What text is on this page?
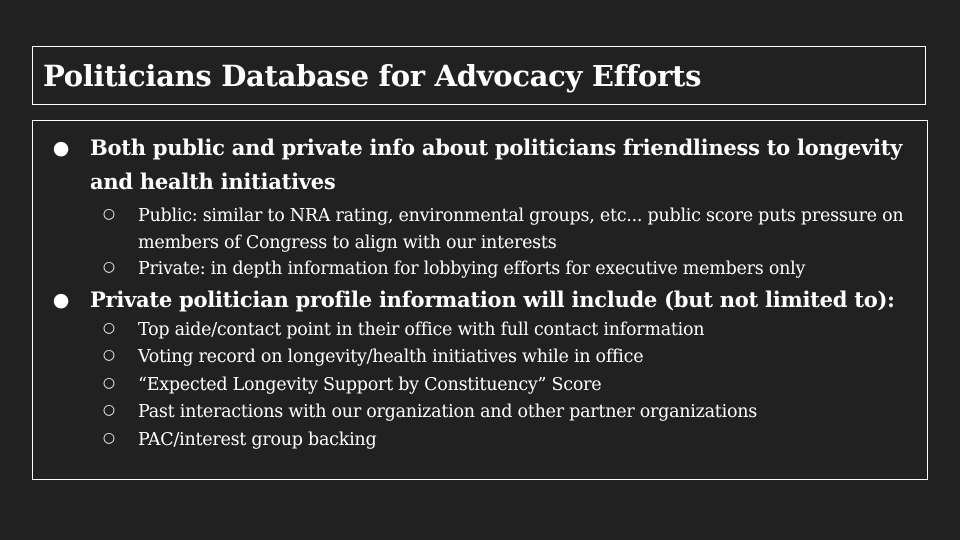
Politicians Database for Advocacy Efforts
● Both public and private info about politicians friendliness to longevity and health initiatives
○	Public: similar to NRA rating, environmental groups, etc... public score puts pressure on members of Congress to align with our interests
○	Private: in depth information for lobbying efforts for executive members only
● Private politician profile information will include (but not limited to):
○	Top aide/contact point in their office with full contact information
○	Voting record on longevity/health initiatives while in office
○	“Expected Longevity Support by Constituency” Score
○	Past interactions with our organization and other partner organizations
○	PAC/interest group backing
